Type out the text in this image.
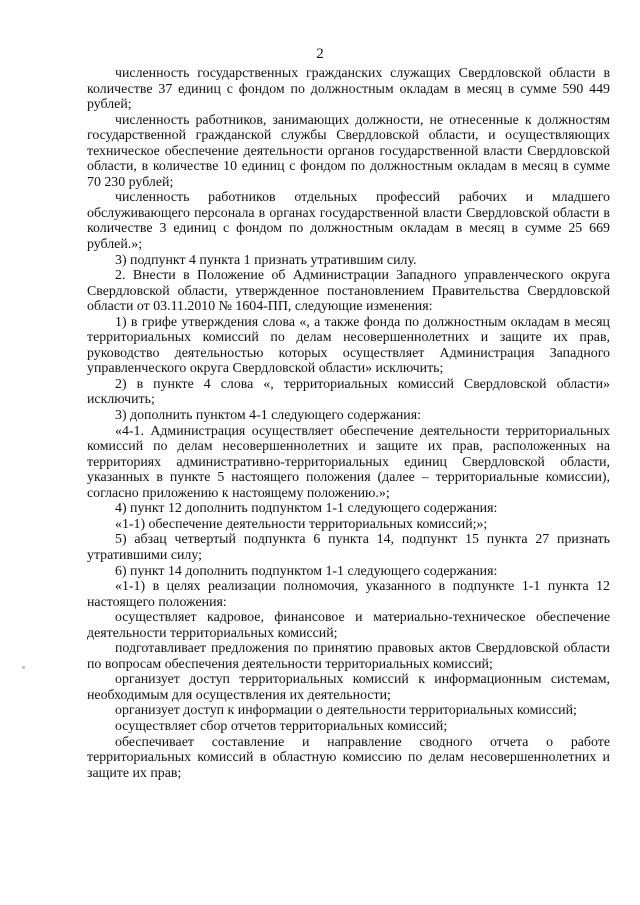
2

численность государственных гражданских служащих Свердловской области в количестве 37 единиц с фондом по должностным окладам в месяц в сумме 590 449 рублей;

численность работников, занимающих должности, не отнесенные к должностям государственной гражданской службы Свердловской области, и осуществляющих техническое обеспечение деятельности органов государственной власти Свердловской области, в количестве 10 единиц с фондом по должностным окладам в месяц в сумме 70 230 рублей;

численность работников отдельных профессий рабочих и младшего обслуживающего персонала в органах государственной власти Свердловской области в количестве 3 единиц с фондом по должностным окладам в месяц в сумме 25 669 рублей.»;

3) подпункт 4 пункта 1 признать утратившим силу.

2. Внести в Положение об Администрации Западного управленческого округа Свердловской области, утвержденное постановлением Правительства Свердловской области от 03.11.2010 № 1604-ПП, следующие изменения:

1) в грифе утверждения слова «, а также фонда по должностным окладам в месяц территориальных комиссий по делам несовершеннолетних и защите их прав, руководство деятельностью которых осуществляет Администрация Западного управленческого округа Свердловской области» исключить;

2) в пункте 4 слова «, территориальных комиссий Свердловской области» исключить;

3) дополнить пунктом 4-1 следующего содержания:

«4-1. Администрация осуществляет обеспечение деятельности территориальных комиссий по делам несовершеннолетних и защите их прав, расположенных на территориях административно-территориальных единиц Свердловской области, указанных в пункте 5 настоящего положения (далее – территориальные комиссии), согласно приложению к настоящему положению.»;

4) пункт 12 дополнить подпунктом 1-1 следующего содержания:

«1-1) обеспечение деятельности территориальных комиссий;»;

5) абзац четвертый подпункта 6 пункта 14, подпункт 15 пункта 27 признать утратившими силу;

6) пункт 14 дополнить подпунктом 1-1 следующего содержания:

«1-1) в целях реализации полномочия, указанного в подпункте 1-1 пункта 12 настоящего положения:

осуществляет кадровое, финансовое и материально-техническое обеспечение деятельности территориальных комиссий;

подготавливает предложения по принятию правовых актов Свердловской области по вопросам обеспечения деятельности территориальных комиссий;

организует доступ территориальных комиссий к информационным системам, необходимым для осуществления их деятельности;

организует доступ к информации о деятельности территориальных комиссий;

осуществляет сбор отчетов территориальных комиссий;

обеспечивает составление и направление сводного отчета о работе территориальных комиссий в областную комиссию по делам несовершеннолетних и защите их прав;
